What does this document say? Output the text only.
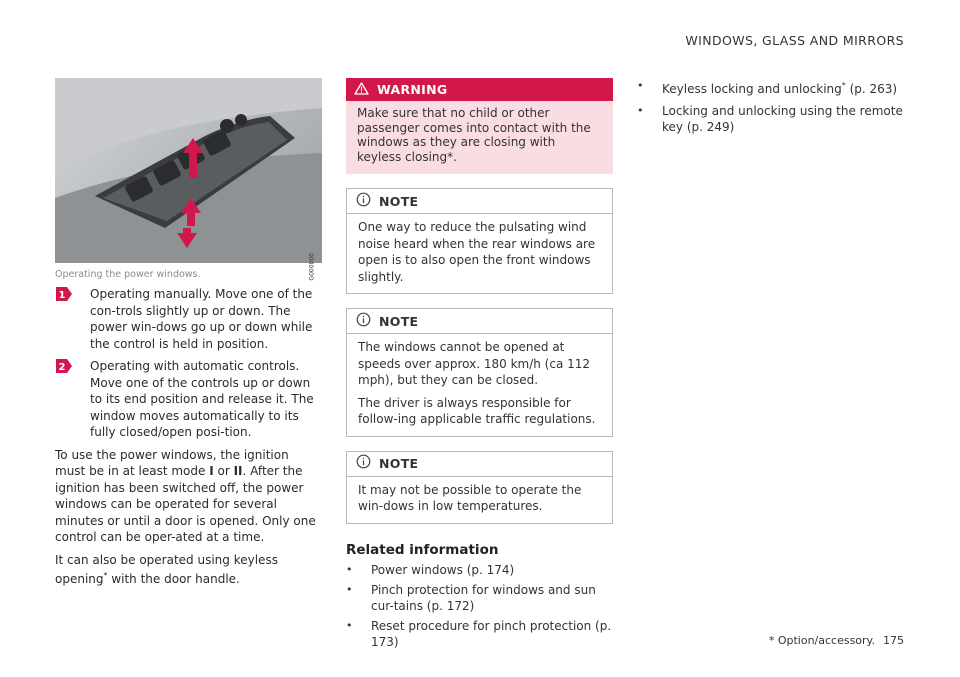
WINDOWS, GLASS AND MIRRORS
G000000
Operating the power windows.
1 Operating manually. Move one of the con-trols slightly up or down. The power win-dows go up or down while the control is held in position.
2 Operating with automatic controls. Move one of the controls up or down to its end position and release it. The window moves automatically to its fully closed/open posi-tion.

To use the power windows, the ignition must be in at least mode I or II. After the ignition has been switched off, the power windows can be operated for several minutes or until a door is opened. Only one control can be oper-ated at a time.

It can also be operated using keyless opening* with the door handle.

WARNING
Make sure that no child or other passenger comes into contact with the windows as they are closing with keyless closing*.
NOTE

One way to reduce the pulsating wind noise heard when the rear windows are open is to also open the front windows slightly.

NOTE

The windows cannot be opened at speeds over approx. 180 km/h (ca 112 mph), but they can be closed.

The driver is always responsible for follow-ing applicable traffic regulations.

NOTE

It may not be possible to operate the win-dows in low temperatures.

Related information
• Power windows (p. 174)
• Pinch protection for windows and sun cur-tains (p. 172)
• Reset procedure for pinch protection (p. 173)
• Keyless locking and unlocking* (p. 263)
• Locking and unlocking using the remote key (p. 249)
* Option/accessory. 175
